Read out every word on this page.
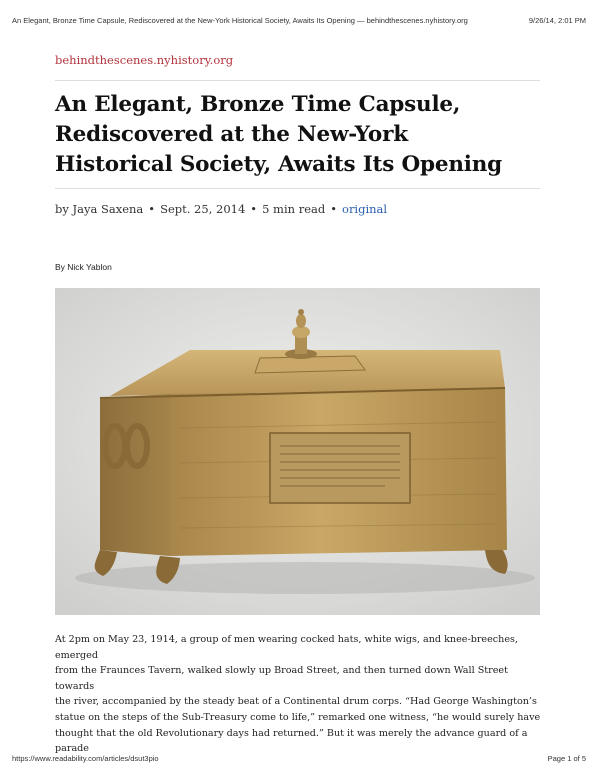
An Elegant, Bronze Time Capsule, Rediscovered at the New-York Historical Society, Awaits Its Opening — behindthescenes.nyhistory.org	9/26/14, 2:01 PM
behindthescenes.nyhistory.org
An Elegant, Bronze Time Capsule,
Rediscovered at the New-York
Historical Society, Awaits Its Opening
by Jaya Saxena • Sept. 25, 2014 • 5 min read • original
By Nick Yablon

At 2pm on May 23, 1914, a group of men wearing cocked hats, white wigs, and knee-breeches, emerged
from the Fraunces Tavern, walked slowly up Broad Street, and then turned down Wall Street towards
the river, accompanied by the steady beat of a Continental drum corps. “Had George Washington’s
statue on the steps of the Sub-Treasury come to life,” remarked one witness, “he would surely have
thought that the old Revolutionary days had returned.” But it was merely the advance guard of a parade

https://www.readability.com/articles/dsut3pio	Page 1 of 5
